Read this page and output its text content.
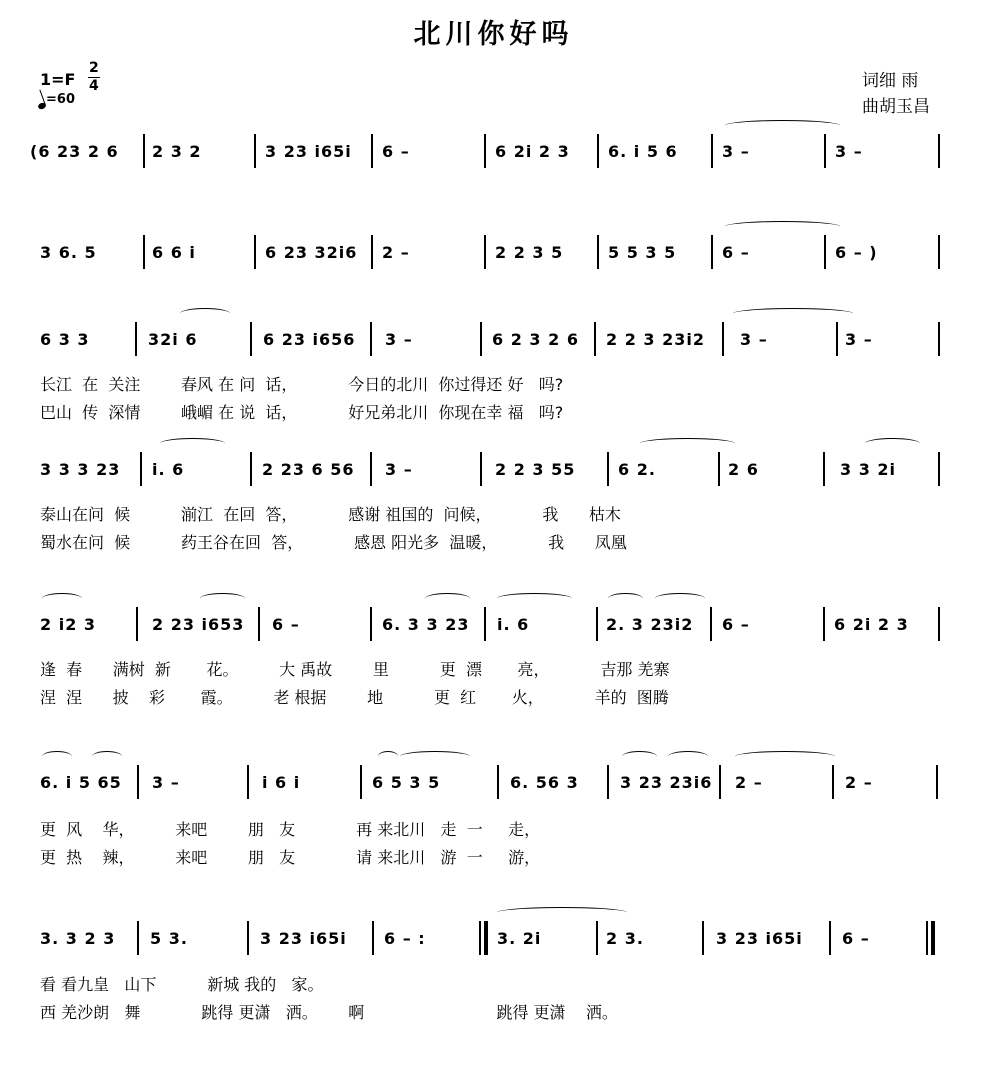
北川你好吗
1=F
2
4
=60
词细 雨
曲胡玉昌
(6 23 2 6 2 3 2	3 23 i65i 6 –	6 2i 2 3 6. i 5 6	3 –	3 –
3 6. 5	6 6 i	6 23 32i6 2 –	2 2 3 5	5 5 3 5	6 –	6 – )
6 3 3	32i 6	6 23 i656 3 –	6 2 3 2 6 2 2 3 23i2 3 –	3 –
长江  在  关注        春风 在 问  话，          今日的北川  你过得还 好   吗?
巴山  传  深情        峨嵋 在 说  话，          好兄弟北川  你现在幸 福   吗?
3 3 3 23 i. 6	2 23 6 56 3 –	2 2 3 55	6 2.	2 6	3 3 2i
泰山在问  候          湔江  在回  答，          感谢 祖国的  问候，          我      枯木
蜀水在问  候          药王谷在回  答，          感恩 阳光多  温暖，          我      凤凰
2 i2 3	2 23 i653 6 –	6. 3 3 23 i. 6	2. 3 23i2 6 –	6 2i 2 3
逢  春      满树  新       花。        大 禹故        里          更  漂       亮，          吉那 羌寨
涅  涅      披    彩       霞。        老 根据        地          更  红       火，          羊的  图腾
6. i 5 65 3 –	i 6 i	6 5 3 5	6. 56 3	3 23 23i6 2 –	2 –
更  风    华，        来吧        朋   友            再 来北川   走  一     走，
更  热    辣，        来吧        朋   友            请 来北川   游  一     游，
3. 3 2 3 5 3.	3 23 i65i 6 – :	3. 2i	2 3.	3 23 i65i 6 –
看 看九皇   山下          新城 我的   家。
西 羌沙朗   舞            跳得 更潇   洒。      啊                          跳得 更潇    洒。
